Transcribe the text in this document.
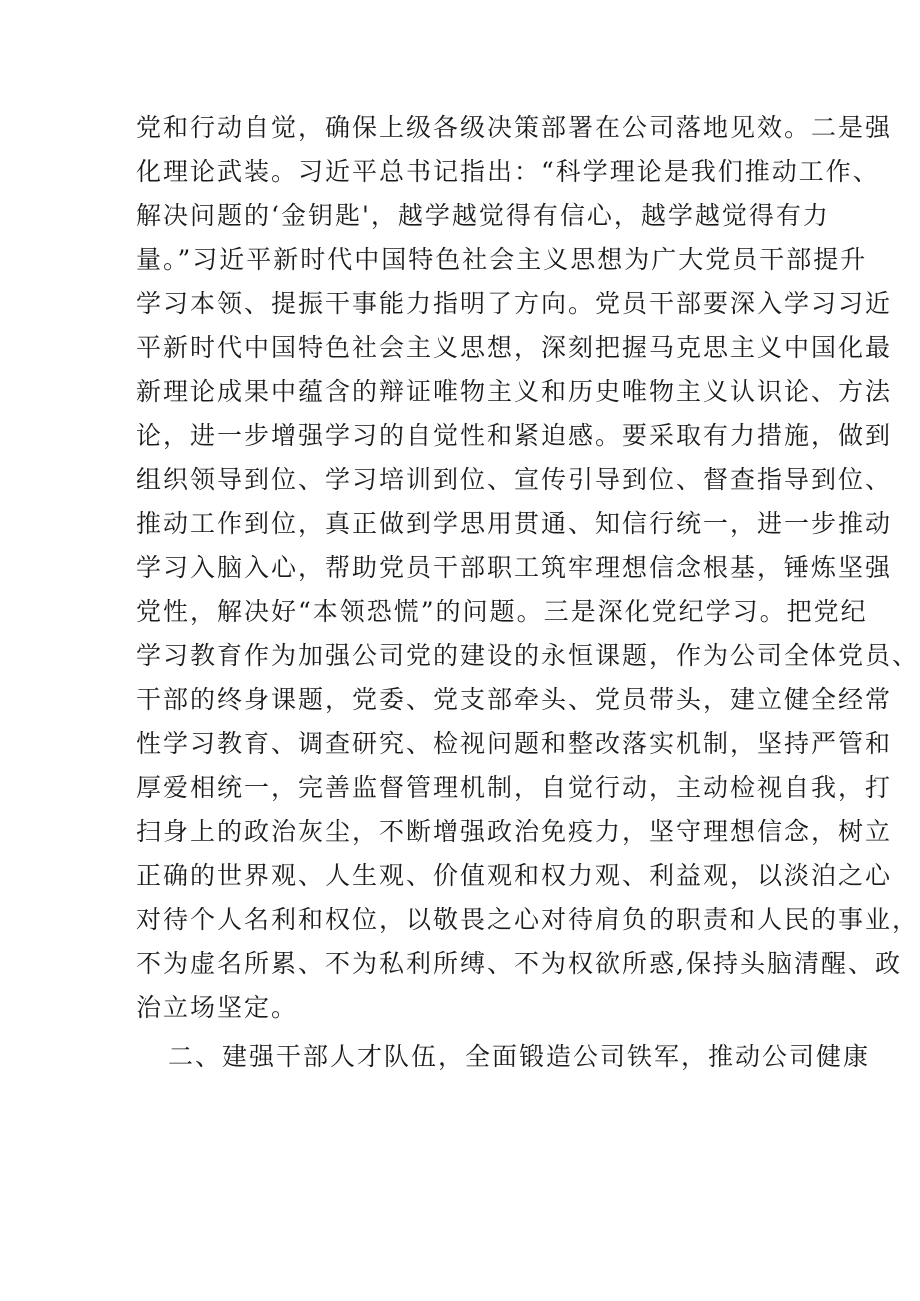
党和行动自觉，确保上级各级决策部署在公司落地见效。二是强

化理论武装。习近平总书记指出：“科学理论是我们推动工作、

解决问题的‘金钥匙'，越学越觉得有信心，越学越觉得有力

量。”习近平新时代中国特色社会主义思想为广大党员干部提升

学习本领、提振干事能力指明了方向。党员干部要深入学习习近

平新时代中国特色社会主义思想，深刻把握马克思主义中国化最

新理论成果中蕴含的辩证唯物主义和历史唯物主义认识论、方法

论，进一步增强学习的自觉性和紧迫感。要采取有力措施，做到

组织领导到位、学习培训到位、宣传引导到位、督查指导到位、

推动工作到位，真正做到学思用贯通、知信行统一，进一步推动

学习入脑入心，帮助党员干部职工筑牢理想信念根基，锤炼坚强

党性，解决好“本领恐慌”的问题。三是深化党纪学习。把党纪

学习教育作为加强公司党的建设的永恒课题，作为公司全体党员、

干部的终身课题，党委、党支部牵头、党员带头，建立健全经常

性学习教育、调查研究、检视问题和整改落实机制，坚持严管和

厚爱相统一，完善监督管理机制，自觉行动，主动检视自我，打

扫身上的政治灰尘，不断增强政治免疫力，坚守理想信念，树立

正确的世界观、人生观、价值观和权力观、利益观，以淡泊之心

对待个人名利和权位，以敬畏之心对待肩负的职责和人民的事业，

不为虚名所累、不为私利所缚、不为权欲所惑,保持头脑清醒、政

治立场坚定。

二、建强干部人才队伍，全面锻造公司铁军，推动公司健康
